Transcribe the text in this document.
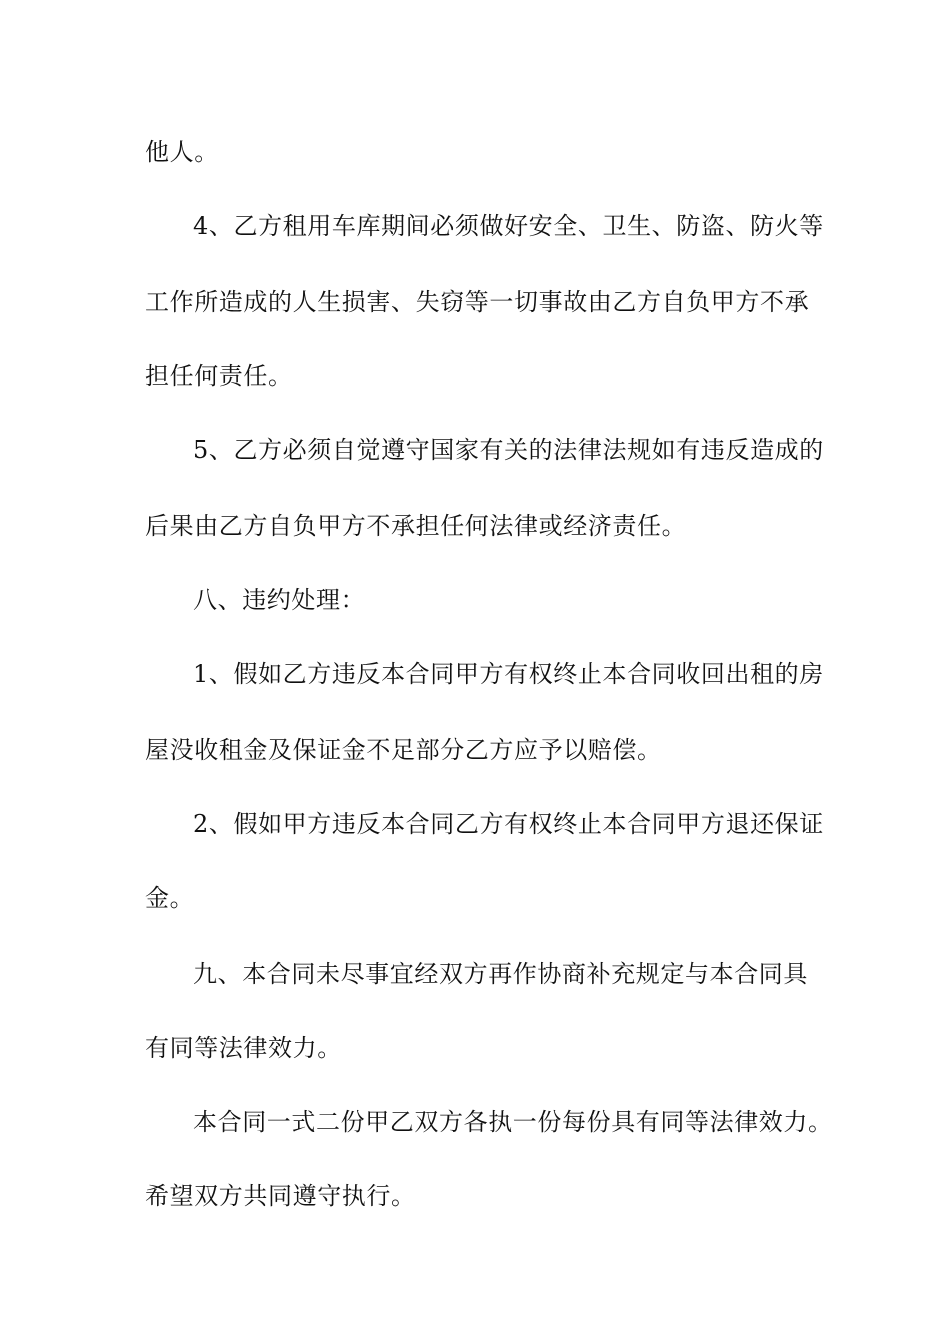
他人。
4、乙方租用车库期间必须做好安全、卫生、防盗、防火等
工作所造成的人生损害、失窃等一切事故由乙方自负甲方不承
担任何责任。
5、乙方必须自觉遵守国家有关的法律法规如有违反造成的
后果由乙方自负甲方不承担任何法律或经济责任。
八、违约处理：
1、假如乙方违反本合同甲方有权终止本合同收回出租的房
屋没收租金及保证金不足部分乙方应予以赔偿。
2、假如甲方违反本合同乙方有权终止本合同甲方退还保证
金。
九、本合同未尽事宜经双方再作协商补充规定与本合同具
有同等法律效力。
本合同一式二份甲乙双方各执一份每份具有同等法律效力。
希望双方共同遵守执行。
